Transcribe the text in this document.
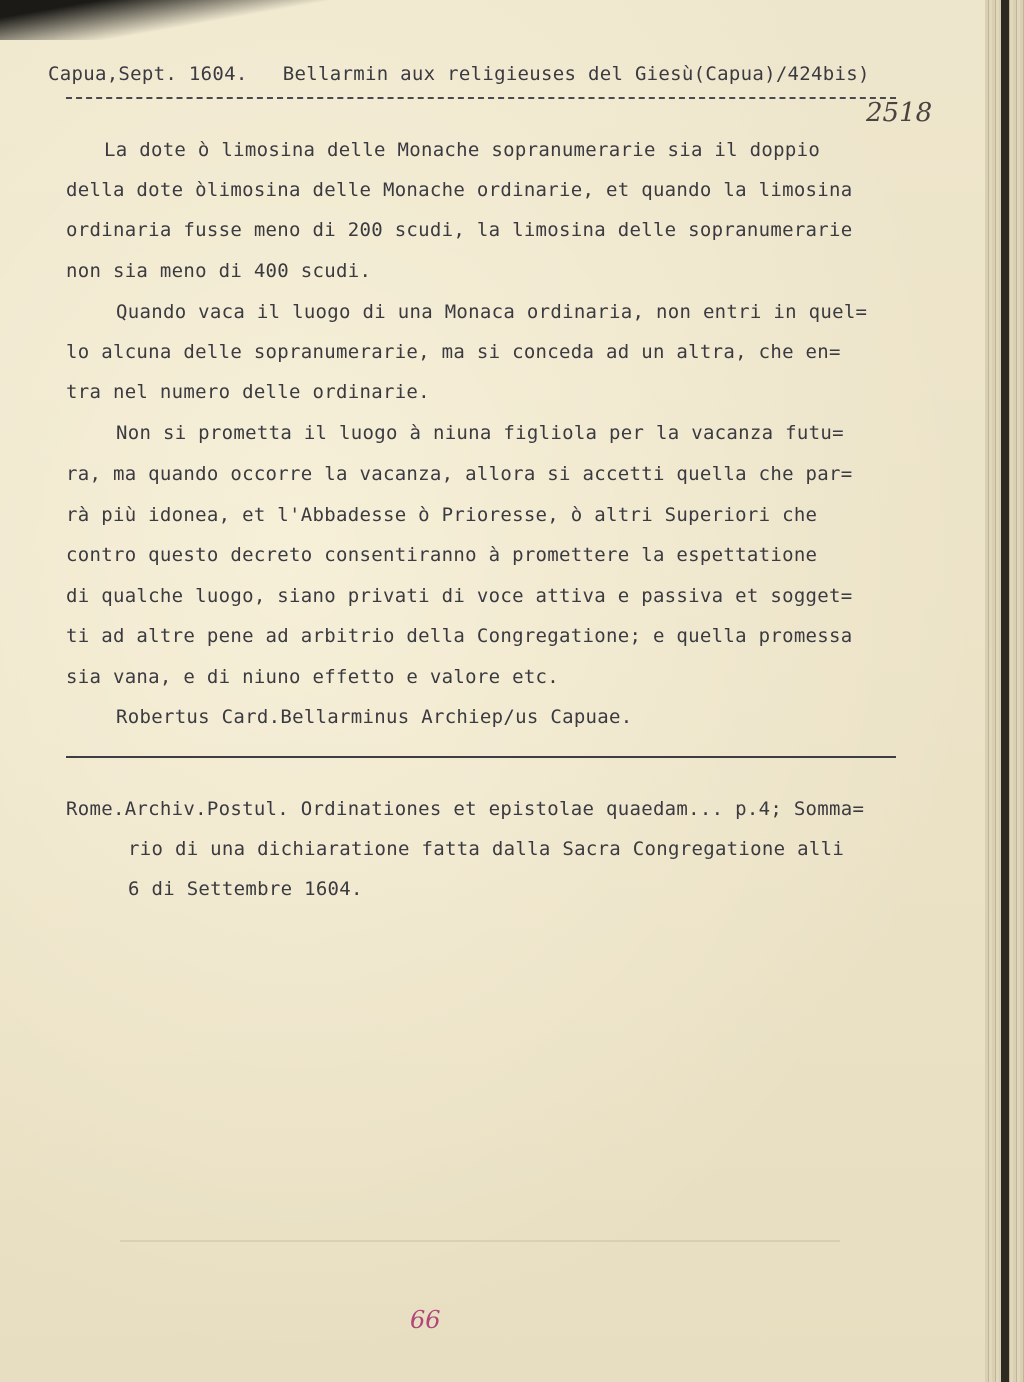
Capua,Sept. 1604.   Bellarmin aux religieuses del Giesù(Capua)/424bis)

2518

La dote ò limosina delle Monache sopranumerarie sia il doppio

della dote òlimosina delle Monache ordinarie, et quando la limosina

ordinaria fusse meno di 200 scudi, la limosina delle sopranumerarie

non sia meno di 400 scudi.

Quando vaca il luogo di una Monaca ordinaria, non entri in quel=

lo alcuna delle sopranumerarie, ma si conceda ad un altra, che en=

tra nel numero delle ordinarie.

Non si prometta il luogo à niuna figliola per la vacanza futu=

ra, ma quando occorre la vacanza, allora si accetti quella che par=

rà più idonea, et l'Abbadesse ò Prioresse, ò altri Superiori che

contro questo decreto consentiranno à promettere la espettatione

di qualche luogo, siano privati di voce attiva e passiva et sogget=

ti ad altre pene ad arbitrio della Congregatione; e quella promessa

sia vana, e di niuno effetto e valore etc.

Robertus Card.Bellarminus Archiep/us Capuae.

Rome.Archiv.Postul. Ordinationes et epistolae quaedam... p.4; Somma=

rio di una dichiaratione fatta dalla Sacra Congregatione alli

6 di Settembre 1604.

66
